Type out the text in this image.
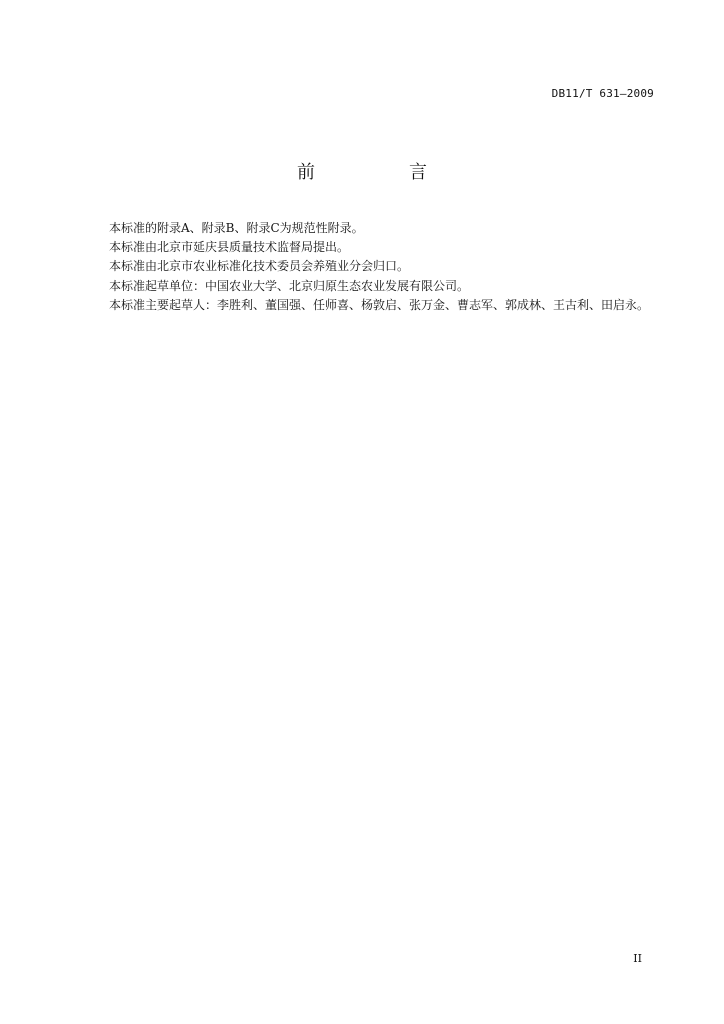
DB11/T 631—2009
前　言

本标准的附录A、附录B、附录C为规范性附录。

本标准由北京市延庆县质量技术监督局提出。

本标准由北京市农业标准化技术委员会养殖业分会归口。

本标准起草单位：中国农业大学、北京归原生态农业发展有限公司。

本标准主要起草人：李胜利、董国强、任师喜、杨敦启、张万金、曹志军、郭成林、王古利、田启永。

II
